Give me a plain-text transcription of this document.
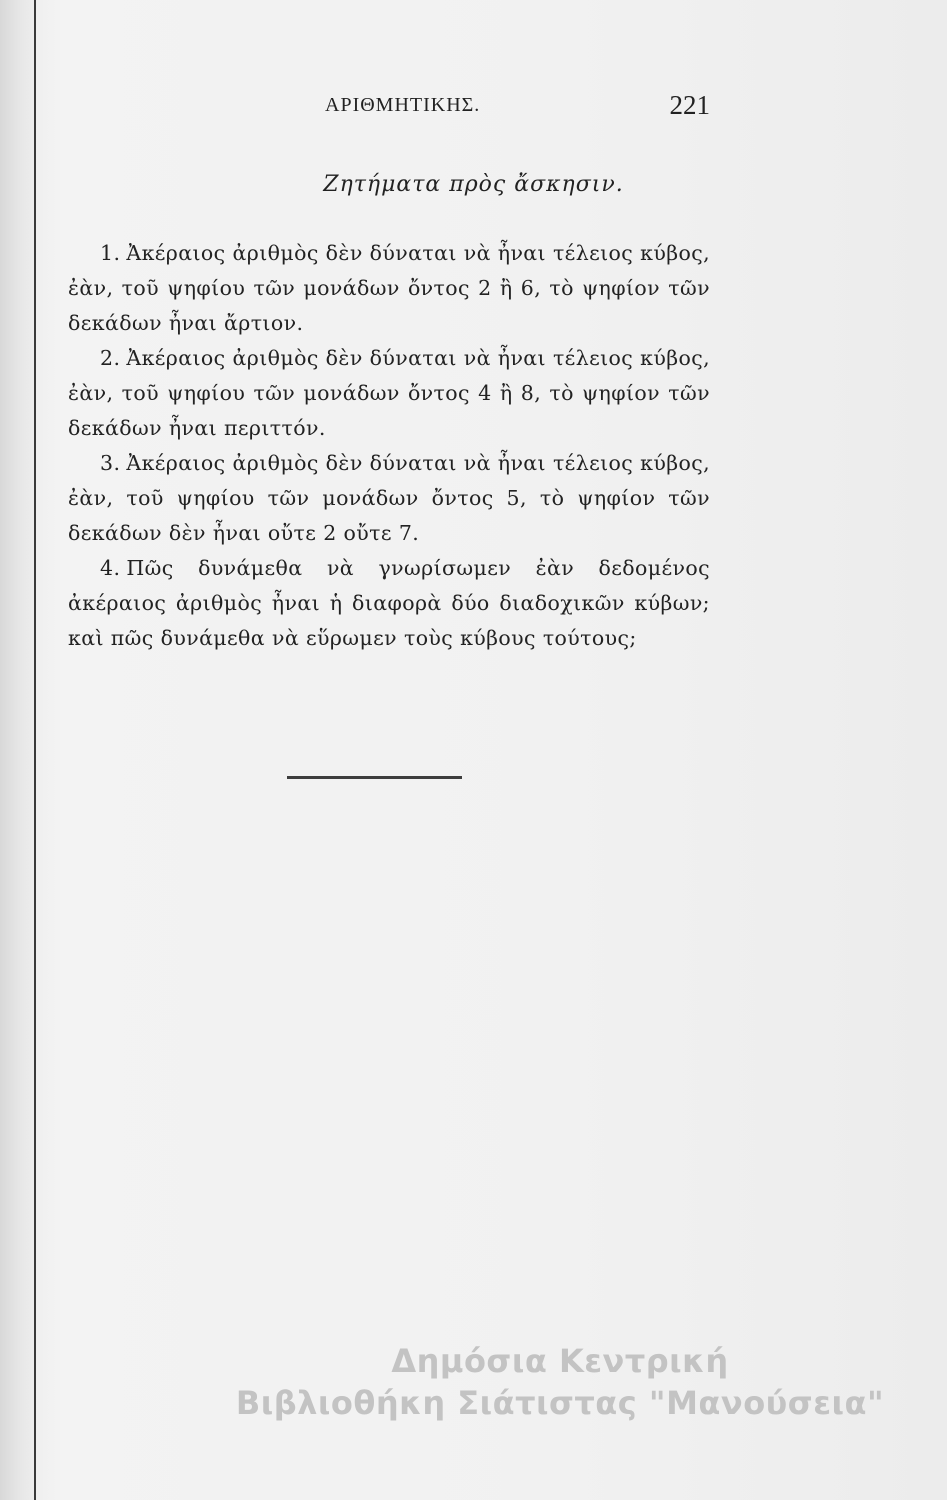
ΑΡΙΘΜΗΤΙΚΗΣ.	221
Ζητήματα πρὸς ἄσκησιν.

1. Ἀκέραιος ἀριθμὸς δὲν δύναται νὰ ἦναι τέλειος κύβος, ἐὰν, τοῦ ψηφίου τῶν μονάδων ὄντος 2 ἢ 6, τὸ ψηφίον τῶν δεκάδων ἦναι ἄρτιον.

2. Ἀκέραιος ἀριθμὸς δὲν δύναται νὰ ἦναι τέλειος κύβος, ἐὰν, τοῦ ψηφίου τῶν μονάδων ὄντος 4 ἢ 8, τὸ ψηφίον τῶν δεκάδων ἦναι περιττόν.

3. Ἀκέραιος ἀριθμὸς δὲν δύναται νὰ ἦναι τέλειος κύβος, ἐὰν, τοῦ ψηφίου τῶν μονάδων ὄντος 5, τὸ ψηφίον τῶν δεκάδων δὲν ἦναι οὔτε 2 οὔτε 7.

4. Πῶς δυνάμεθα νὰ γνωρίσωμεν ἐὰν δεδομένος ἀκέραιος ἀριθμὸς ἦναι ἡ διαφορὰ δύο διαδοχικῶν κύβων; καὶ πῶς δυνάμεθα νὰ εὕρωμεν τοὺς κύβους τούτους;

Δημόσια Κεντρική
Βιβλιοθήκη Σιάτιστας "Μανούσεια"
